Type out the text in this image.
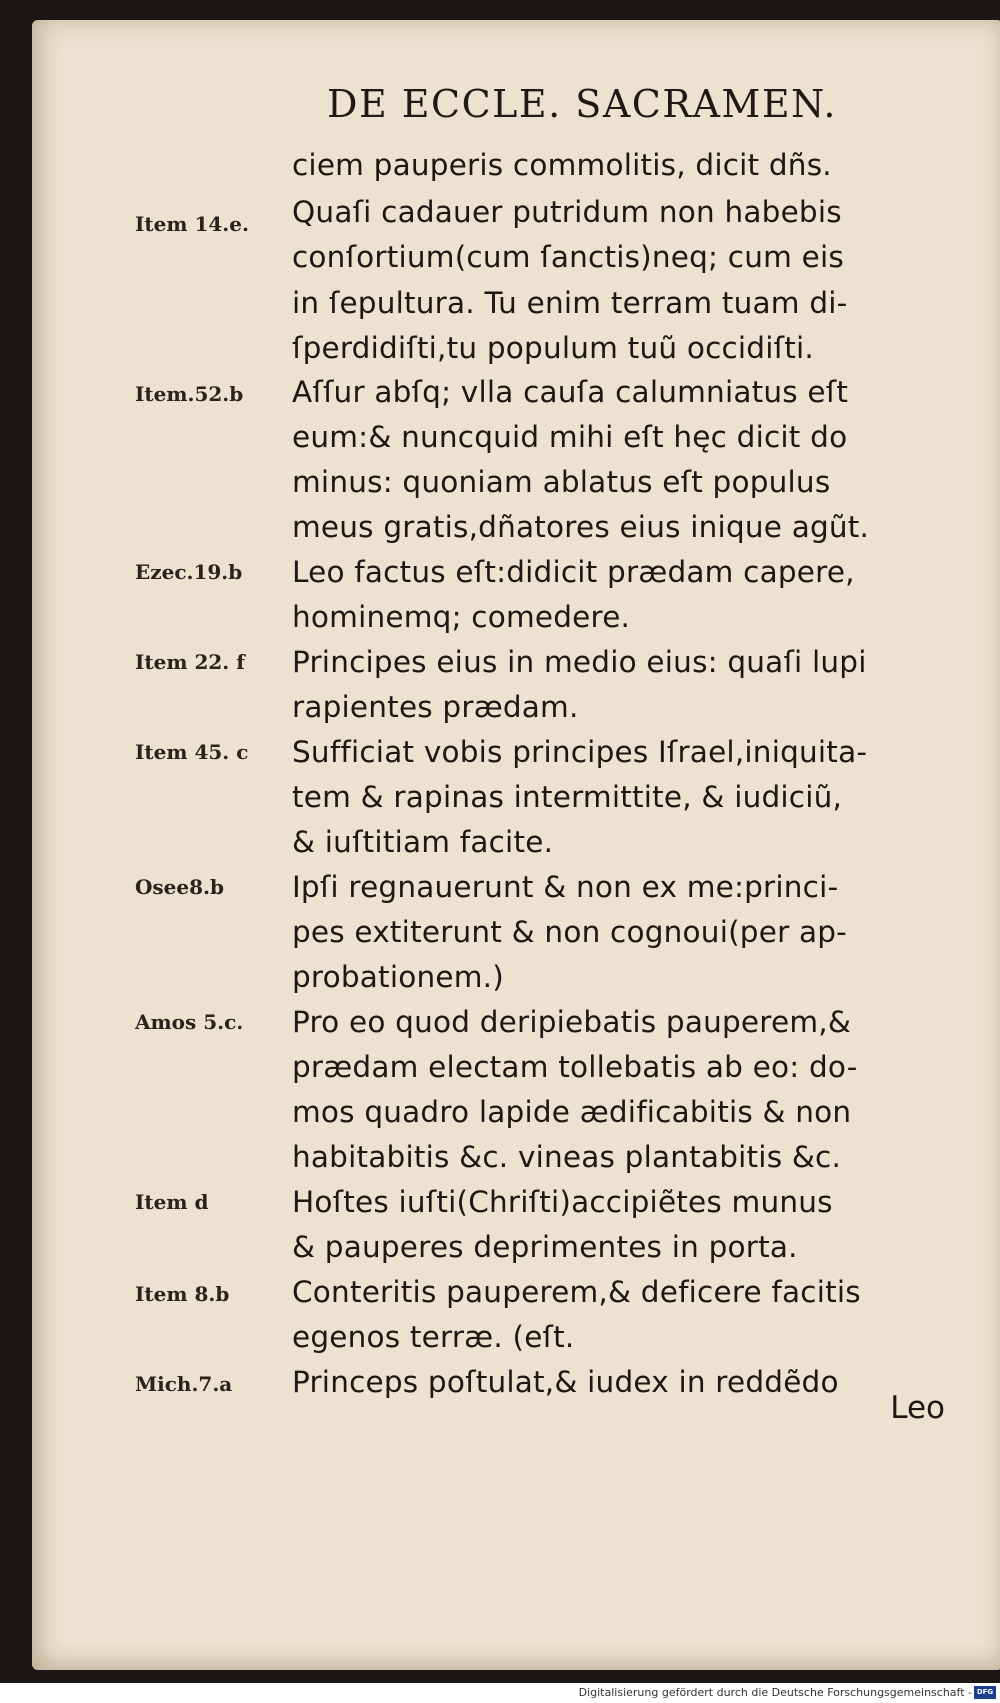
DE ECCLE. SACRAMEN.
ciem pauperis commolitis, dicit dñs.
Item 14.e. Quaſi cadauer putridum non habebis
conſortium(cum ſanctis)neq; cum eis
in ſepultura. Tu enim terram tuam di-
ſperdidiſti,tu populum tuũ occidiſti.
Item.52.b Aſſur abſq; vlla cauſa calumniatus eſt
eum:& nuncquid mihi eſt hęc dicit do
minus: quoniam ablatus eſt populus
meus gratis,dñatores eius inique agũt.
Ezec.19.b Leo factus eſt:didicit prædam capere,
hominemq; comedere.
Item 22. f Principes eius in medio eius: quaſi lupi
rapientes prædam.
Item 45. c Sufficiat vobis principes Iſrael,iniquita-
tem & rapinas intermittite, & iudiciũ,
& iuſtitiam facite.
Osee8.b Ipſi regnauerunt & non ex me:princi-
pes extiterunt & non cognoui(per ap-
probationem.)
Amos 5.c. Pro eo quod deripiebatis pauperem,&
prædam electam tollebatis ab eo: do-
mos quadro lapide ædificabitis & non
habitabitis &c. vineas plantabitis &c.
Item d	Hoſtes iuſti(Chriſti)accipiẽtes munus
& pauperes deprimentes in porta.
Item 8.b Conteritis pauperem,& deficere facitis
egenos terræ. (eſt.
Mich.7.a Princeps poſtulat,& iudex in reddẽdo
Leo
Digitalisierung gefördert durch die Deutsche Forschungsgemeinschaft - DFG
